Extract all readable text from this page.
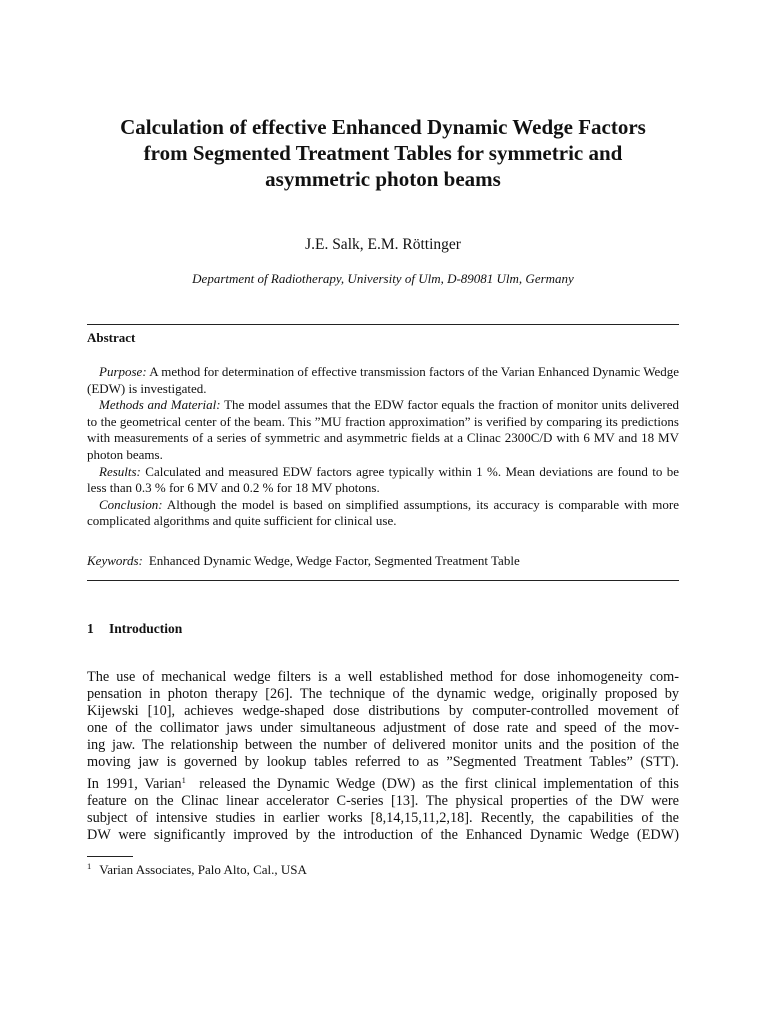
Calculation of effective Enhanced Dynamic Wedge Factors
from Segmented Treatment Tables for symmetric and
asymmetric photon beams

J.E. Salk, E.M. Röttinger

Department of Radiotherapy, University of Ulm, D-89081 Ulm, Germany

Abstract

Purpose: A method for determination of effective transmission factors of the Varian Enhanced Dynamic Wedge (EDW) is investigated.

Methods and Material: The model assumes that the EDW factor equals the fraction of monitor units delivered to the geometrical center of the beam. This ”MU fraction approximation” is verified by comparing its predictions with measurements of a series of symmetric and asymmetric fields at a Clinac 2300C/D with 6 MV and 18 MV photon beams.

Results: Calculated and measured EDW factors agree typically within 1 %. Mean deviations are found to be less than 0.3 % for 6 MV and 0.2 % for 18 MV photons.

Conclusion: Although the model is based on simplified assumptions, its accuracy is comparable with more complicated algorithms and quite sufficient for clinical use.

Keywords: Enhanced Dynamic Wedge, Wedge Factor, Segmented Treatment Table

1 Introduction

The use of mechanical wedge filters is a well established method for dose inhomogeneity com-
pensation in photon therapy [26]. The technique of the dynamic wedge, originally proposed by
Kijewski [10], achieves wedge-shaped dose distributions by computer-controlled movement of
one of the collimator jaws under simultaneous adjustment of dose rate and speed of the mov-
ing jaw. The relationship between the number of delivered monitor units and the position of the
moving jaw is governed by lookup tables referred to as ”Segmented Treatment Tables” (STT).
In 1991, Varian$^1$ released the Dynamic Wedge (DW) as the first clinical implementation of this
feature on the Clinac linear accelerator C-series [13]. The physical properties of the DW were
subject of intensive studies in earlier works [8,14,15,11,2,18]. Recently, the capabilities of the
DW were significantly improved by the introduction of the Enhanced Dynamic Wedge (EDW)

$^1$ Varian Associates, Palo Alto, Cal., USA
